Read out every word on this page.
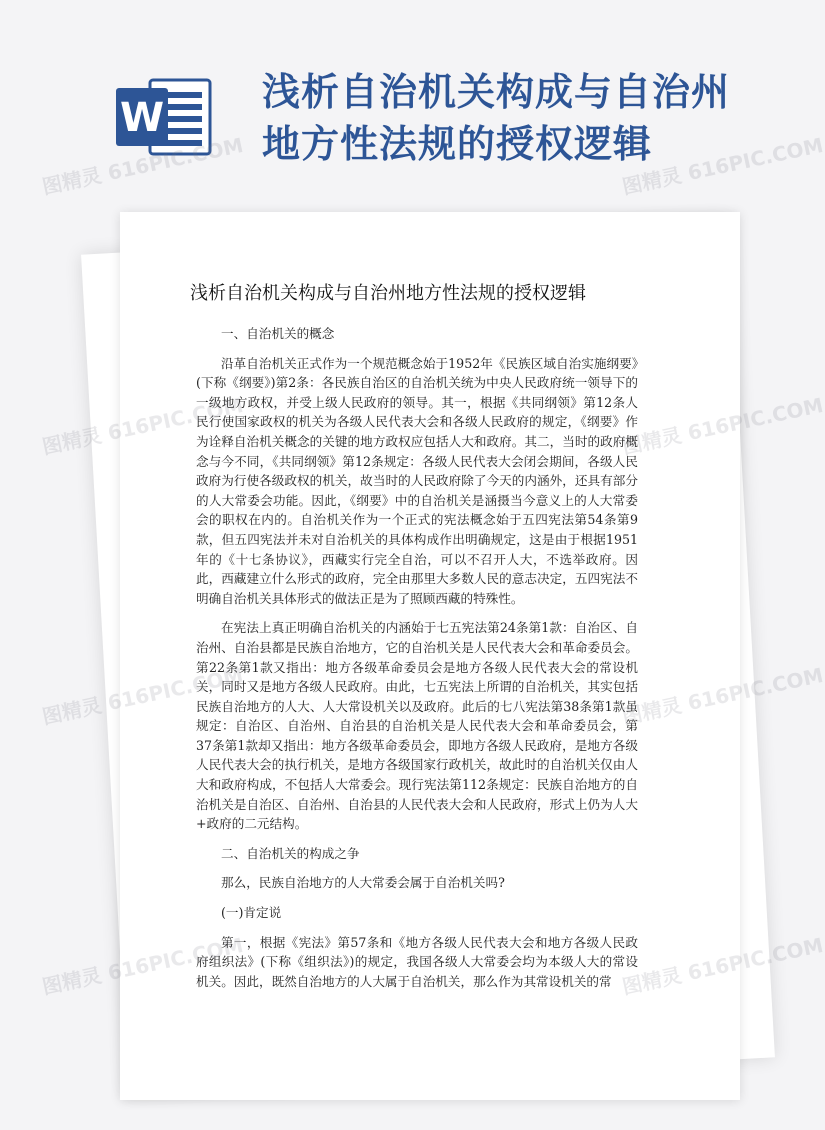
W
浅析自治机关构成与自治州地方性法规的授权逻辑
浅析自治机关构成与自治州地方性法规的授权逻辑

一、自治机关的概念

沿革自治机关正式作为一个规范概念始于1952年《民族区域自治实施纲要》(下称《纲要》)第2条：各民族自治区的自治机关统为中央人民政府统一领导下的一级地方政权，并受上级人民政府的领导。其一，根据《共同纲领》第12条人民行使国家政权的机关为各级人民代表大会和各级人民政府的规定，《纲要》作为诠释自治机关概念的关键的地方政权应包括人大和政府。其二，当时的政府概念与今不同，《共同纲领》第12条规定：各级人民代表大会闭会期间，各级人民政府为行使各级政权的机关，故当时的人民政府除了今天的内涵外，还具有部分的人大常委会功能。因此，《纲要》中的自治机关是涵摄当今意义上的人大常委会的职权在内的。自治机关作为一个正式的宪法概念始于五四宪法第54条第9款，但五四宪法并未对自治机关的具体构成作出明确规定，这是由于根据1951年的《十七条协议》，西藏实行完全自治，可以不召开人大，不选举政府。因此，西藏建立什么形式的政府，完全由那里大多数人民的意志决定，五四宪法不明确自治机关具体形式的做法正是为了照顾西藏的特殊性。

在宪法上真正明确自治机关的内涵始于七五宪法第24条第1款：自治区、自治州、自治县都是民族自治地方，它的自治机关是人民代表大会和革命委员会。第22条第1款又指出：地方各级革命委员会是地方各级人民代表大会的常设机关，同时又是地方各级人民政府。由此，七五宪法上所谓的自治机关，其实包括民族自治地方的人大、人大常设机关以及政府。此后的七八宪法第38条第1款虽规定：自治区、自治州、自治县的自治机关是人民代表大会和革命委员会，第37条第1款却又指出：地方各级革命委员会，即地方各级人民政府，是地方各级人民代表大会的执行机关，是地方各级国家行政机关，故此时的自治机关仅由人大和政府构成，不包括人大常委会。现行宪法第112条规定：民族自治地方的自治机关是自治区、自治州、自治县的人民代表大会和人民政府，形式上仍为人大+政府的二元结构。

二、自治机关的构成之争

那么，民族自治地方的人大常委会属于自治机关吗?

(一)肯定说

第一，根据《宪法》第57条和《地方各级人民代表大会和地方各级人民政府组织法》(下称《组织法》)的规定，我国各级人大常委会均为本级人大的常设机关。因此，既然自治地方的人大属于自治机关，那么作为其常设机关的常

图精灵 616PIC.COM	图精灵 616PIC.COM
图精灵	616PIC.COM
图精灵	616PIC.COM
图精灵
